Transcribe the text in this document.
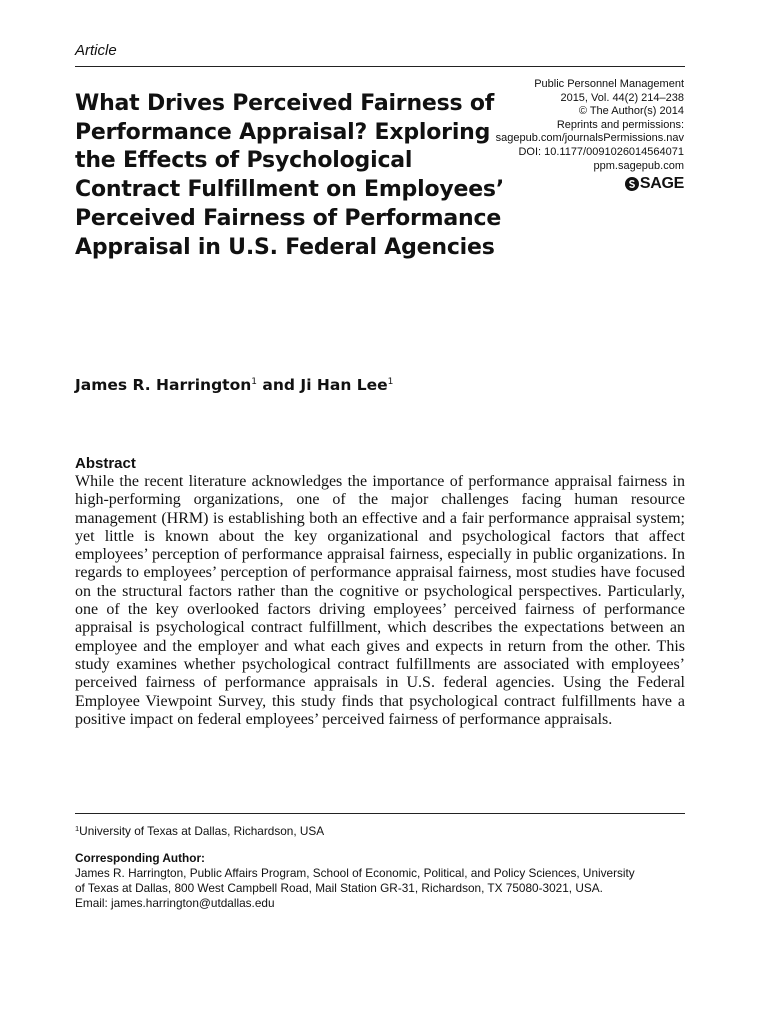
Article
Public Personnel Management
2015, Vol. 44(2) 214–238
© The Author(s) 2014
Reprints and permissions:
sagepub.com/journalsPermissions.nav
DOI: 10.1177/0091026014564071
ppm.sagepub.com
SAGE
What Drives Perceived Fairness of Performance Appraisal? Exploring the Effects of Psychological Contract Fulfillment on Employees’ Perceived Fairness of Performance Appraisal in U.S. Federal Agencies
James R. Harrington$^1$ and Ji Han Lee$^1$
Abstract

While the recent literature acknowledges the importance of performance appraisal fairness in high-performing organizations, one of the major challenges facing human resource management (HRM) is establishing both an effective and a fair performance appraisal system; yet little is known about the key organizational and psychological factors that affect employees’ perception of performance appraisal fairness, especially in public organizations. In regards to employees’ perception of performance appraisal fairness, most studies have focused on the structural factors rather than the cognitive or psychological perspectives. Particularly, one of the key overlooked factors driving employees’ perceived fairness of performance appraisal is psychological contract fulfillment, which describes the expectations between an employee and the employer and what each gives and expects in return from the other. This study examines whether psychological contract fulfillments are associated with employees’ perceived fairness of performance appraisals in U.S. federal agencies. Using the Federal Employee Viewpoint Survey, this study finds that psychological contract fulfillments have a positive impact on federal employees’ perceived fairness of performance appraisals.

$^1$University of Texas at Dallas, Richardson, USA
Corresponding Author:
James R. Harrington, Public Affairs Program, School of Economic, Political, and Policy Sciences, University
of Texas at Dallas, 800 West Campbell Road, Mail Station GR-31, Richardson, TX 75080-3021, USA.
Email: james.harrington@utdallas.edu
